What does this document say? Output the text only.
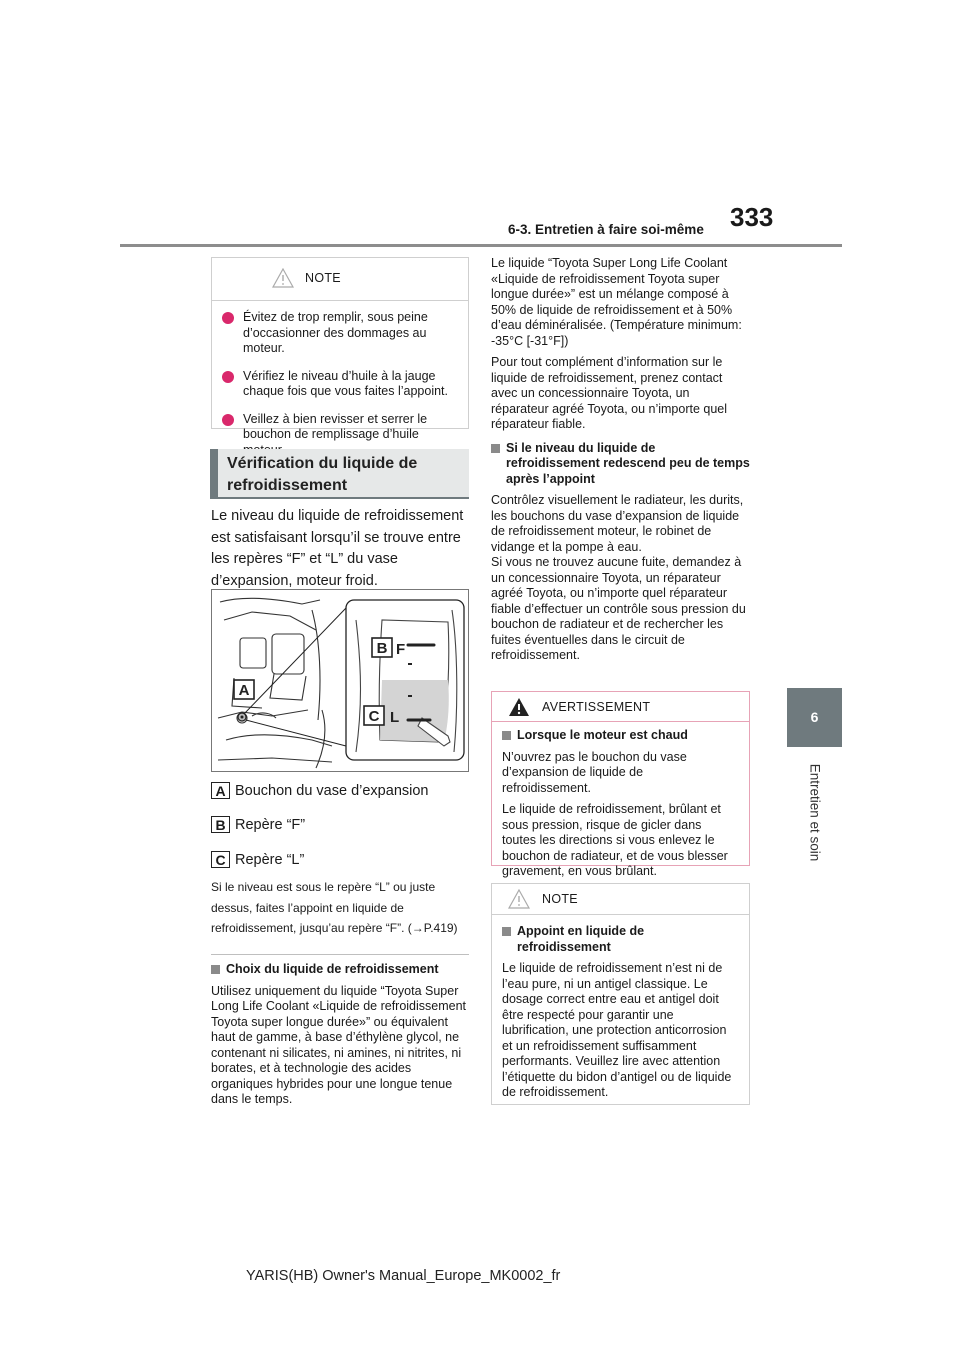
333
6-3. Entretien à faire soi-même
6
Entretien et soin
NOTE
Évitez de trop remplir, sous peine d’occasionner des dommages au moteur.
Vérifiez le niveau d’huile à la jauge chaque fois que vous faites l’appoint.
Veillez à bien revisser et serrer le bouchon de remplissage d’huile
Vérification du liquide de refroidissement
Le niveau du liquide de refroidissement est satisfaisant lorsqu’il se trouve entre les repères “F” et “L” du vase d’expansion, moteur froid.
B
C
A
F
L
A Bouchon du vase d’expansion
B Repère “F”
C Repère “L”
Si le niveau est sous le repère “L” ou juste dessus, faites l’appoint en liquide de refroidissement, jusqu’au repère “F”. (→P.419)
Choix du liquide de refroidissement
Utilisez uniquement du liquide “Toyota Super Long Life Coolant «Liquide de refroidissement Toyota super longue durée»” ou équivalent haut de gamme, à base d’éthylène glycol, ne contenant ni silicates, ni amines, ni nitrites, ni borates, et à technologie des acides organiques hybrides pour une longue tenue dans le temps.
Le liquide “Toyota Super Long Life Coolant «Liquide de refroidissement Toyota super longue durée»” est un mélange composé à 50% de liquide de refroidissement et à 50% d’eau déminéralisée. (Température minimum: -35°C [-31°F])
Pour tout complément d’information sur le liquide de refroidissement, prenez contact avec un concessionnaire Toyota, un réparateur agréé Toyota, ou n’importe quel réparateur fiable.
Si le niveau du liquide de refroidissement redescend peu de temps après l’appoint
Contrôlez visuellement le radiateur, les durits, les bouchons du vase d’expansion de liquide de refroidissement moteur, le robinet de vidange et la pompe à eau.
Si vous ne trouvez aucune fuite, demandez à un concessionnaire Toyota, un réparateur agréé Toyota, ou n’importe quel réparateur fiable d’effectuer un contrôle sous pression du bouchon de radiateur et de rechercher les fuites éventuelles dans le circuit de refroidissement.
AVERTISSEMENT
Lorsque le moteur est chaud
N’ouvrez pas le bouchon du vase d’expansion de liquide de refroidissement.
Le liquide de refroidissement, brûlant et sous pression, risque de gicler dans toutes les directions si vous enlevez le bouchon de radiateur, et de vous blesser gravement, en vous brûlant.
NOTE
Appoint en liquide de refroidissement
Le liquide de refroidissement n’est ni de l’eau pure, ni un antigel classique. Le dosage correct entre eau et antigel doit être respecté pour garantir une lubrification, une protection anticorrosion et un refroidissement suffisamment performants. Veuillez lire avec attention l’étiquette du bidon d’antigel ou de liquide de refroidissement.
YARIS(HB) Owner's Manual_Europe_MK0002_fr
